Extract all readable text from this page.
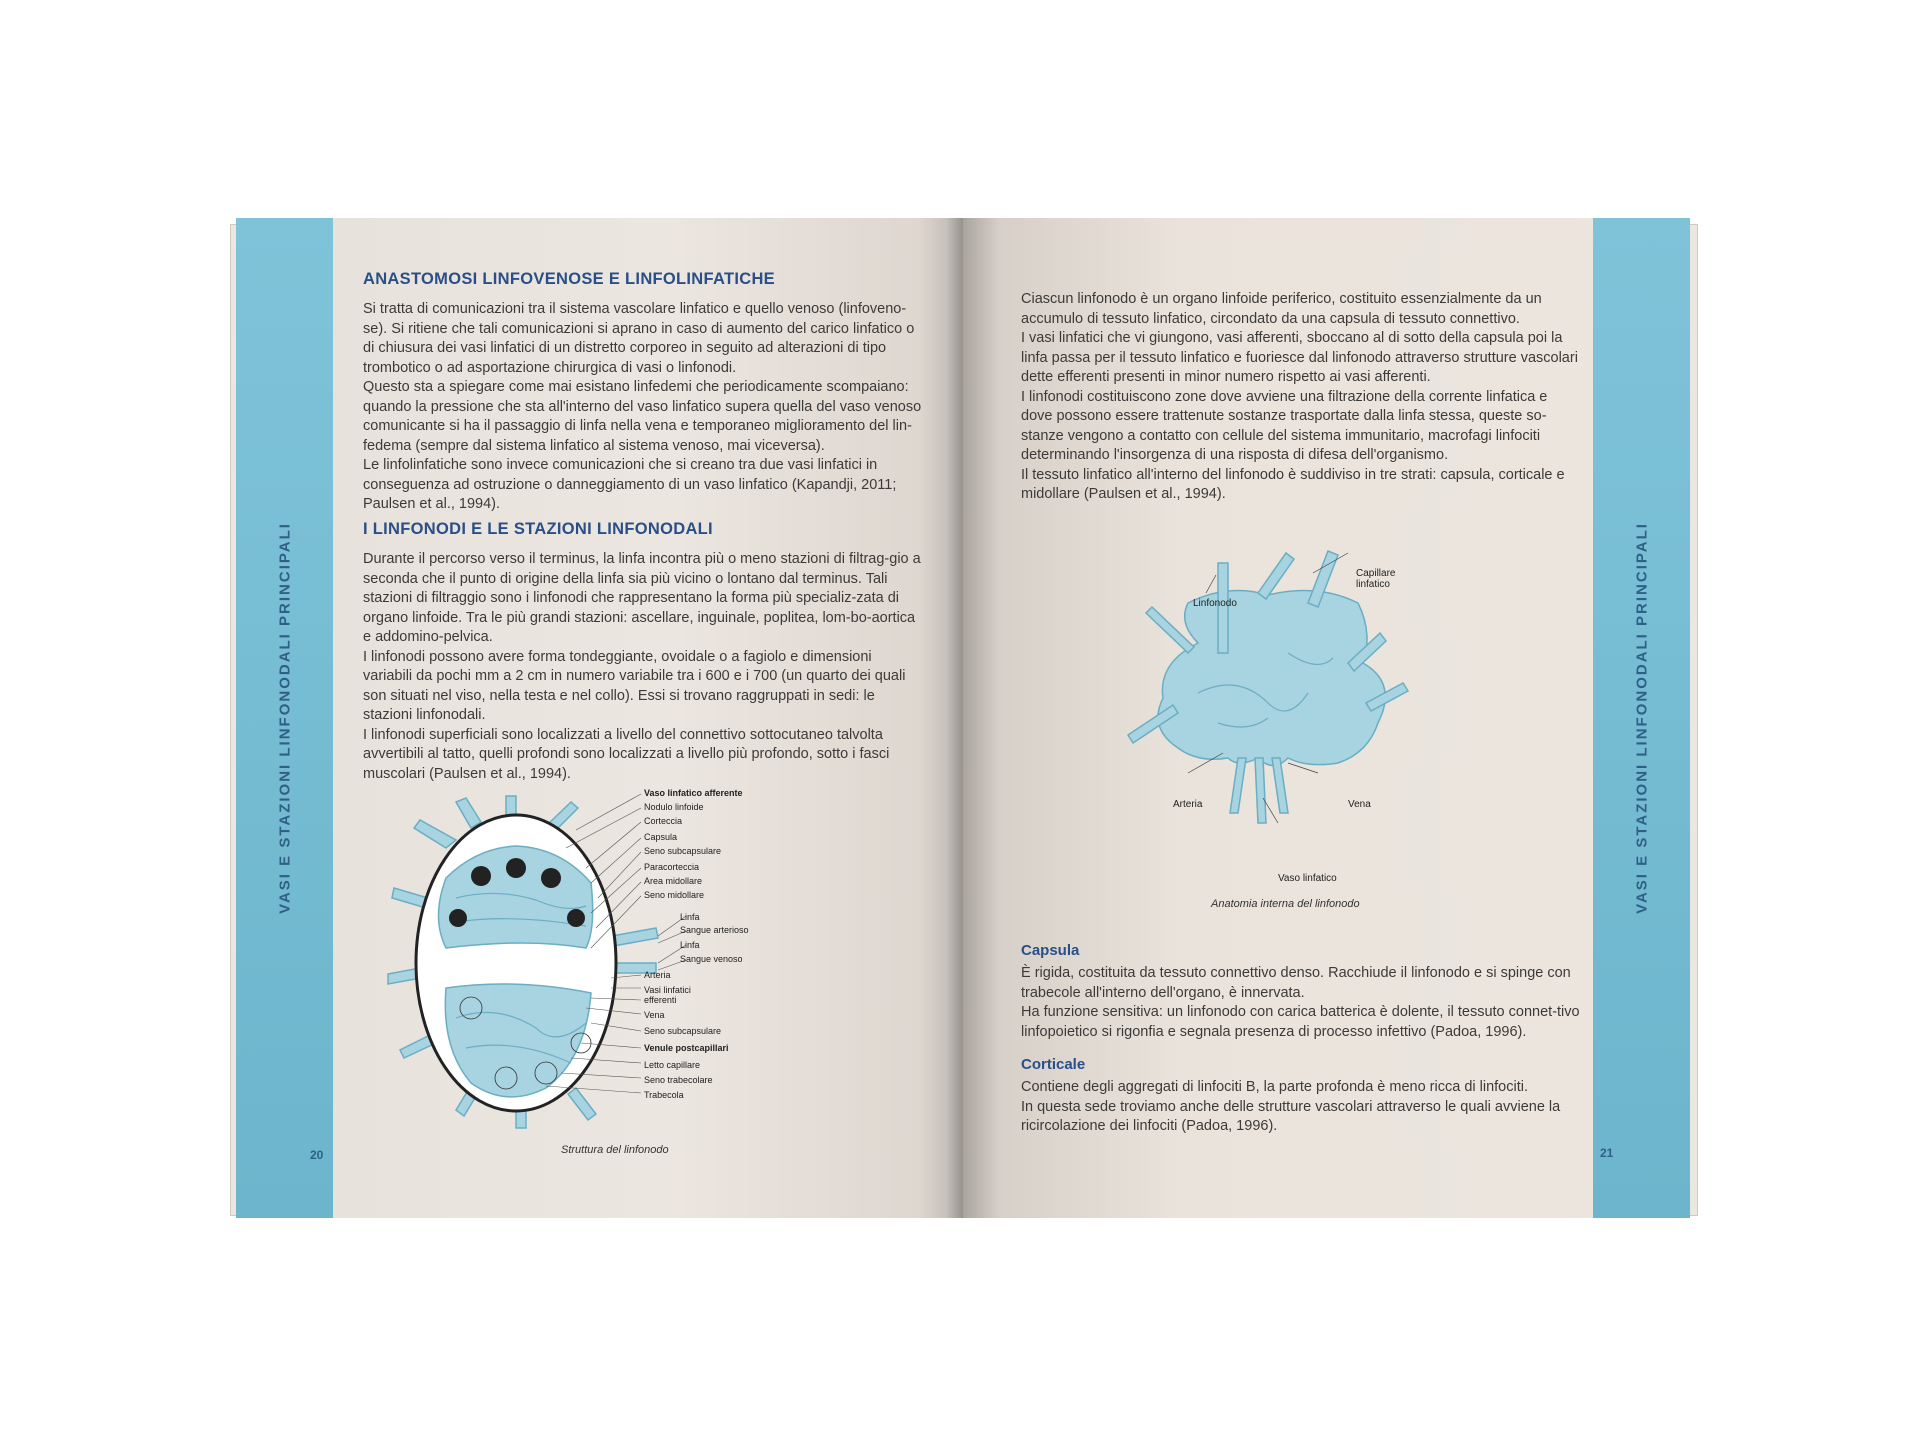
VASI E STAZIONI LINFONODALI PRINCIPALI
20
ANASTOMOSI LINFOVENOSE E LINFOLINFATICHE
Si tratta di comunicazioni tra il sistema vascolare linfatico e quello venoso (linfoveno-se). Si ritiene che tali comunicazioni si aprano in caso di aumento del carico linfatico o di chiusura dei vasi linfatici di un distretto corporeo in seguito ad alterazioni di tipo trombotico o ad asportazione chirurgica di vasi o linfonodi.
Questo sta a spiegare come mai esistano linfedemi che periodicamente scompaiano: quando la pressione che sta all'interno del vaso linfatico supera quella del vaso venoso comunicante si ha il passaggio di linfa nella vena e temporaneo miglioramento del lin-fedema (sempre dal sistema linfatico al sistema venoso, mai viceversa).
Le linfolinfatiche sono invece comunicazioni che si creano tra due vasi linfatici in conseguenza ad ostruzione o danneggiamento di un vaso linfatico (Kapandji, 2011; Paulsen et al., 1994).
I LINFONODI E LE STAZIONI LINFONODALI
Durante il percorso verso il terminus, la linfa incontra più o meno stazioni di filtrag-gio a seconda che il punto di origine della linfa sia più vicino o lontano dal terminus. Tali stazioni di filtraggio sono i linfonodi che rappresentano la forma più specializ-zata di organo linfoide. Tra le più grandi stazioni: ascellare, inguinale, poplitea, lom-bo-aortica e addomino-pelvica.
I linfonodi possono avere forma tondeggiante, ovoidale o a fagiolo e dimensioni variabili da pochi mm a 2 cm in numero variabile tra i 600 e i 700 (un quarto dei quali son situati nel viso, nella testa e nel collo). Essi si trovano raggruppati in sedi: le stazioni linfonodali.
I linfonodi superficiali sono localizzati a livello del connettivo sottocutaneo talvolta avvertibili al tatto, quelli profondi sono localizzati a livello più profondo, sotto i fasci muscolari (Paulsen et al., 1994).
Vaso linfatico afferente
Nodulo linfoide
Corteccia
Capsula
Seno subcapsulare
Paracorteccia
Area midollare
Seno midollare
Linfa
Sangue arterioso
Linfa
Sangue venoso
Arteria
Vasi linfatici
efferenti
Vena
Seno subcapsulare
Venule postcapillari
Letto capillare
Seno trabecolare
Trabecola
Struttura del linfonodo
VASI E STAZIONI LINFONODALI PRINCIPALI
Ciascun linfonodo è un organo linfoide periferico, costituito essenzialmente da un accumulo di tessuto linfatico, circondato da una capsula di tessuto connettivo.
I vasi linfatici che vi giungono, vasi afferenti, sboccano al di sotto della capsula poi la linfa passa per il tessuto linfatico e fuoriesce dal linfonodo attraverso strutture vascolari dette efferenti presenti in minor numero rispetto ai vasi afferenti.
I linfonodi costituiscono zone dove avviene una filtrazione della corrente linfatica e dove possono essere trattenute sostanze trasportate dalla linfa stessa, queste so-stanze vengono a contatto con cellule del sistema immunitario, macrofagi linfociti determinando l'insorgenza di una risposta di difesa dell'organismo.
Il tessuto linfatico all'interno del linfonodo è suddiviso in tre strati: capsula, corticale e midollare (Paulsen et al., 1994).
Linfonodo
Capillare
linfatico
Arteria	Vena
Vaso linfatico
Anatomia interna del linfonodo
Capsula
È rigida, costituita da tessuto connettivo denso. Racchiude il linfonodo e si spinge con trabecole all'interno dell'organo, è innervata.
Ha funzione sensitiva: un linfonodo con carica batterica è dolente, il tessuto connet-tivo linfopoietico si rigonfia e segnala presenza di processo infettivo (Padoa, 1996).
Corticale
Contiene degli aggregati di linfociti B, la parte profonda è meno ricca di linfociti.
In questa sede troviamo anche delle strutture vascolari attraverso le quali avviene la ricircolazione dei linfociti (Padoa, 1996).
21
